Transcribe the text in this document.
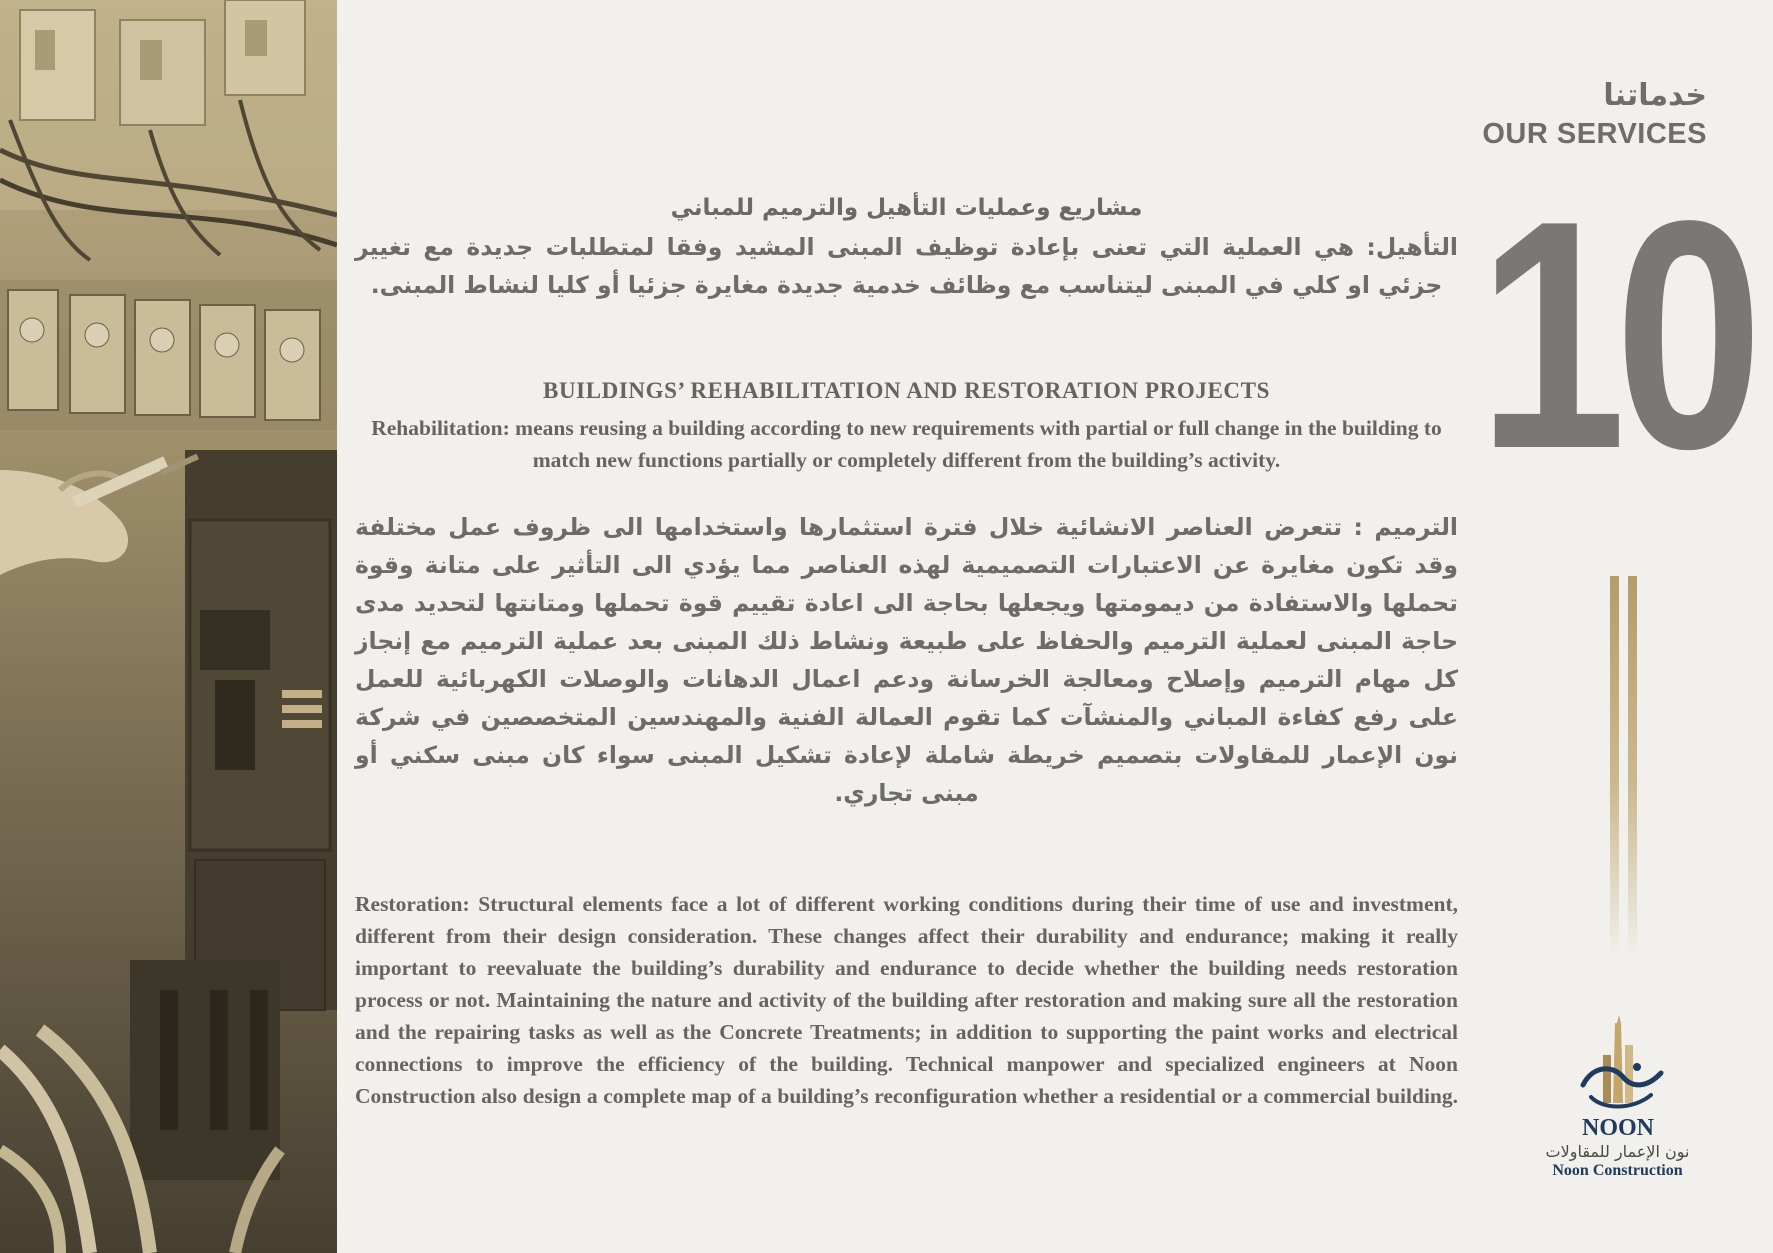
خدماتنا
OUR SERVICES
10
مشاريع وعمليات التأهيل والترميم للمباني

التأهيل: هي العملية التي تعنى بإعادة توظيف المبنى المشيد وفقا لمتطلبات جديدة مع تغيير جزئي او كلي في المبنى ليتناسب مع وظائف خدمية جديدة مغايرة جزئيا أو كليا لنشاط المبنى.

BUILDINGS’ REHABILITATION AND RESTORATION PROJECTS

Rehabilitation: means reusing a building according to new requirements with partial or full change in the building to match new functions partially or completely different from the building’s activity.

الترميم : تتعرض العناصر الانشائية خلال فترة استثمارها واستخدامها الى ظروف عمل مختلفة وقد تكون مغايرة عن الاعتبارات التصميمية لهذه العناصر مما يؤدي الى التأثير على متانة وقوة تحملها والاستفادة من ديمومتها ويجعلها بحاجة الى اعادة تقييم قوة تحملها ومتانتها لتحديد مدى حاجة المبنى لعملية الترميم والحفاظ على طبيعة ونشاط ذلك المبنى بعد عملية الترميم مع إنجاز كل مهام الترميم وإصلاح ومعالجة الخرسانة ودعم اعمال الدهانات والوصلات الكهربائية للعمل على رفع كفاءة المباني والمنشآت كما تقوم العمالة الفنية والمهندسين المتخصصين في شركة نون الإعمار للمقاولات بتصميم خريطة شاملة لإعادة تشكيل المبنى سواء كان مبنى سكني أو مبنى تجاري.

Restoration: Structural elements face a lot of different working conditions during their time of use and investment, different from their design consideration. These changes affect their durability and endurance; making it really important to reevaluate the building’s durability and endurance to decide whether the building needs restoration process or not. Maintaining the nature and activity of the building after restoration and making sure all the restoration and the repairing tasks as well as the Concrete Treatments; in addition to supporting the paint works and electrical connections to improve the efficiency of the building. Technical manpower and specialized engineers at Noon Construction also design a complete map of a building’s reconfiguration whether a residential or a commercial building.

NOON
نون الإعمار للمقاولات
Noon Construction
